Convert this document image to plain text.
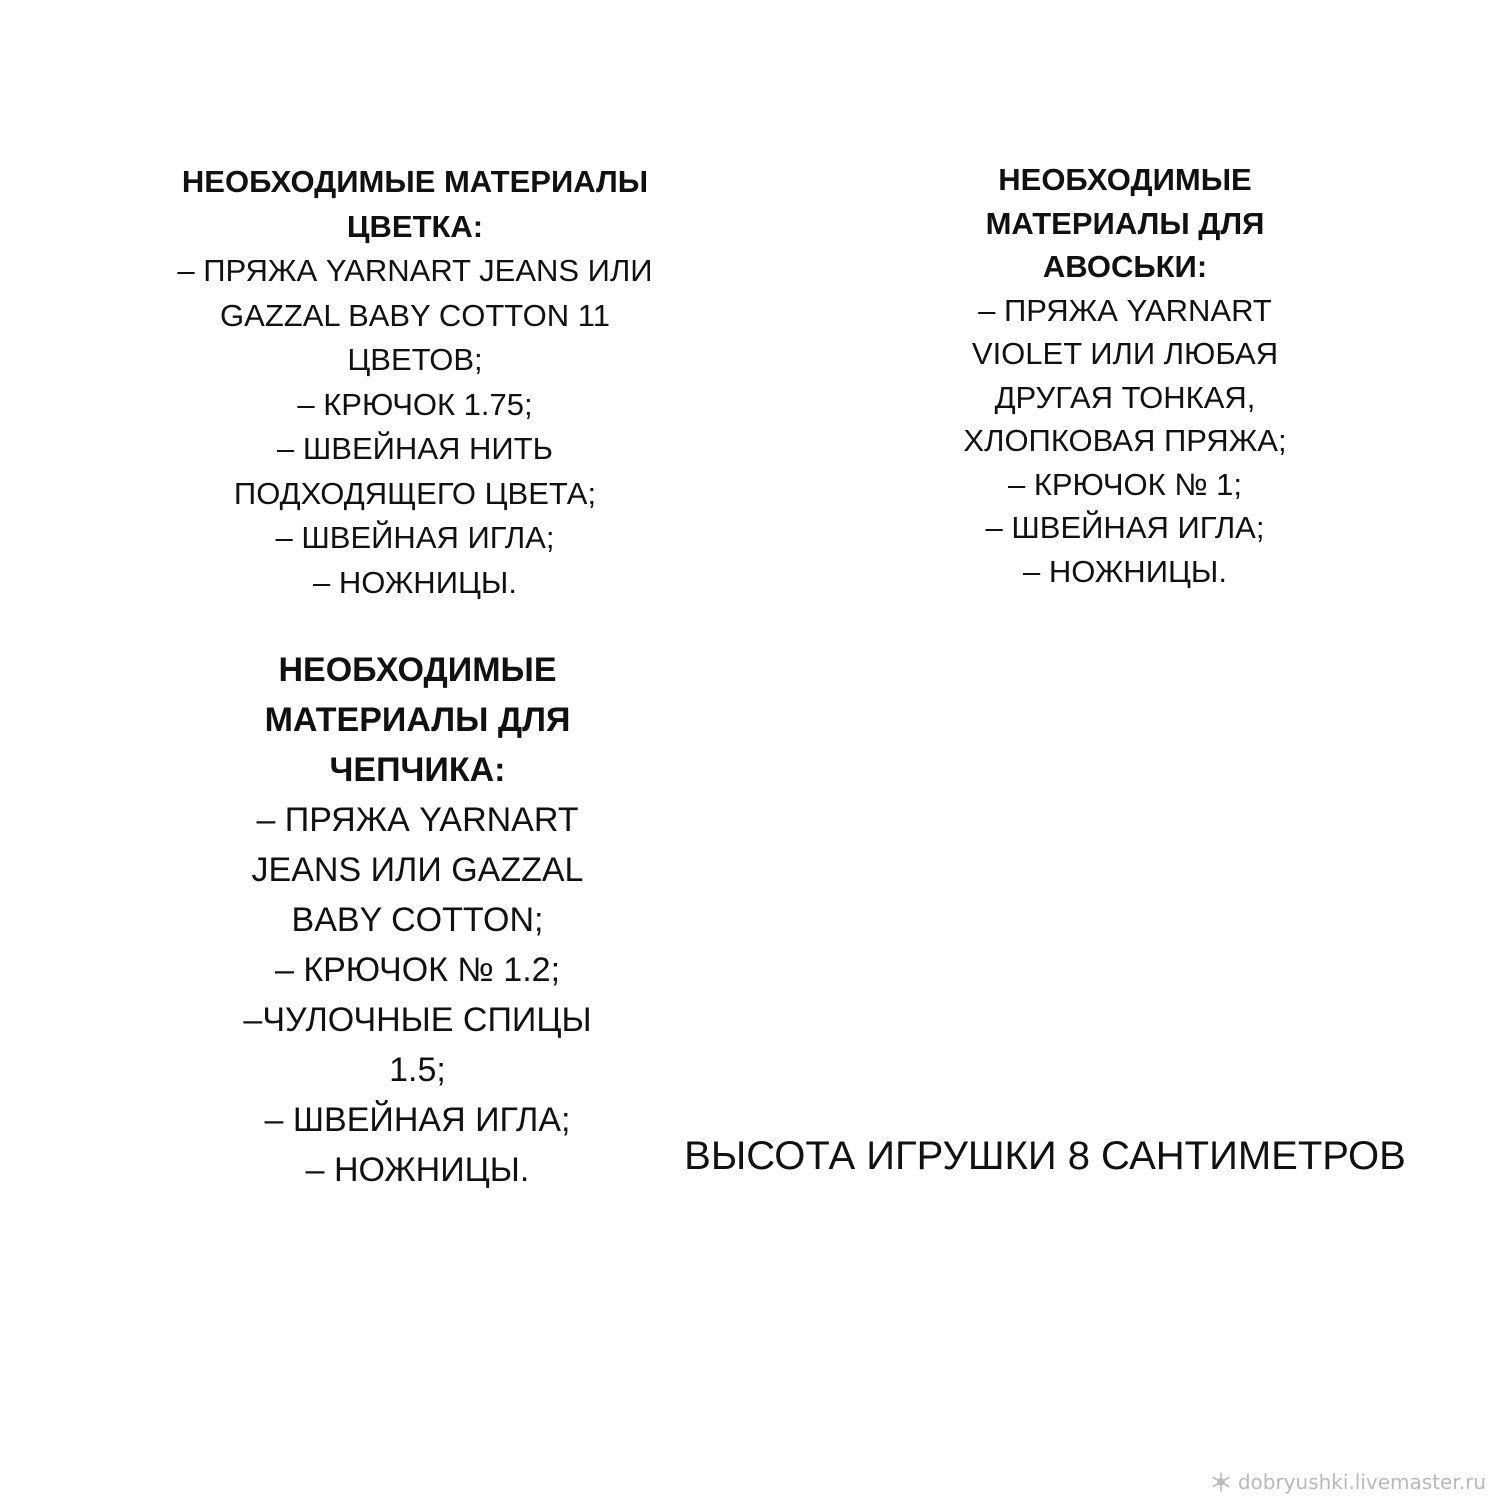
НЕОБХОДИМЫЕ МАТЕРИАЛЫ

ЦВЕТКА:

– ПРЯЖА YARNART JEANS ИЛИ

GAZZAL BABY COTTON 11

ЦВЕТОВ;

– КРЮЧОК 1.75;

– ШВЕЙНАЯ НИТЬ

ПОДХОДЯЩЕГО ЦВЕТА;

– ШВЕЙНАЯ ИГЛА;

– НОЖНИЦЫ.

НЕОБХОДИМЫЕ

МАТЕРИАЛЫ ДЛЯ

АВОСЬКИ:

– ПРЯЖА YARNART

VIOLET ИЛИ ЛЮБАЯ

ДРУГАЯ ТОНКАЯ,

ХЛОПКОВАЯ ПРЯЖА;

– КРЮЧОК № 1;

– ШВЕЙНАЯ ИГЛА;

– НОЖНИЦЫ.

НЕОБХОДИМЫЕ

МАТЕРИАЛЫ ДЛЯ

ЧЕПЧИКА:

– ПРЯЖА YARNART

JEANS ИЛИ GAZZAL

BABY COTTON;

– КРЮЧОК № 1.2;

–ЧУЛОЧНЫЕ СПИЦЫ

1.5;

– ШВЕЙНАЯ ИГЛА;

– НОЖНИЦЫ.	ВЫСОТА ИГРУШКИ 8 САНТИМЕТРОВ

dobryushki.livemaster.ru
